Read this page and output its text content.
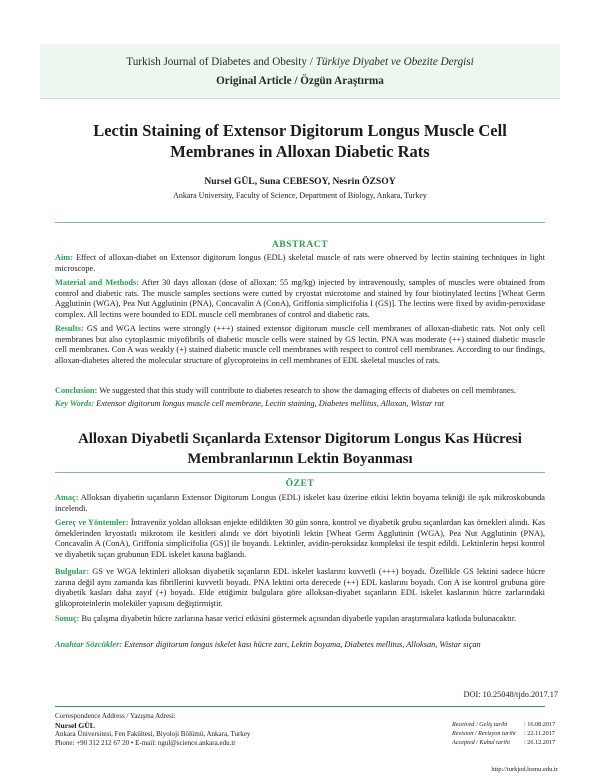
Turkish Journal of Diabetes and Obesity / Türkiye Diyabet ve Obezite Dergisi
Original Article / Özgün Araştırma
Lectin Staining of Extensor Digitorum Longus Muscle Cell
Membranes in Alloxan Diabetic Rats
Nursel GÜL, Suna CEBESOY, Nesrin ÖZSOY
Ankara University, Faculty of Science, Department of Biology, Ankara, Turkey
ABSTRACT

Aim: Effect of alloxan-diabet on Extensor digitorum longus (EDL) skeletal muscle of rats were observed by lectin staining techniques in light microscope.

Material and Methods: After 30 days alloxan (dose of alloxan: 55 mg/kg) injected by intravenously, samples of muscles were obtained from control and diabetic rats. The muscle samples sections were cutted by cryostat microtome and stained by four biotinylated lectins [Wheat Germ Agglutinin (WGA), Pea Nut Agglutinin (PNA), Concavalin A (ConA), Griffonia simplicifolia I (GS)]. The lectins were fixed by avidin-peroxidase complex. All lectins were bounded to EDL muscle cell membranes of control and diabetic rats.

Results: GS and WGA lectins were strongly (+++) stained extensor digitorum muscle cell membranes of alloxan-diabetic rats. Not only cell membranes but also cytoplasmic miyofibrils of diabetic muscle cells were stained by GS lectin. PNA was moderate (++) stained diabetic muscle cell membranes. Con A was weakly (+) stained diabetic muscle cell membranes with respect to control cell membranes. According to our findings, alloxan-diabetes altered the molecular structure of glycoproteins in cell membranes of EDL skeletal muscles of rats.

Conclusion: We suggested that this study will contribute to diabetes research to show the damaging effects of diabetes on cell membranes.

Key Words: Extensor digitorum longus muscle cell membrane, Lectin staining, Diabetes mellitus, Alloxan, Wistar rat

Alloxan Diyabetli Sıçanlarda Extensor Digitorum Longus Kas Hücresi
Membranlarının Lektin Boyanması
ÖZET

Amaç: Alloksan diyabetin sıçanların Extensor Digitorum Longus (EDL) iskelet kası üzerine etkisi lektin boyama tekniği ile ışık mikroskobunda incelendi.

Gereç ve Yöntemler: İntravenöz yoldan alloksan enjekte edildikten 30 gün sonra, kontrol ve diyabetik grubu sıçanlardan kas örnekleri alındı. Kas örneklerinden kryostatlı mikrotom ile kesitleri alındı ve dört biyotinli lektin [Wheat Germ Agglutinin (WGA), Pea Nut Agglutinin (PNA), Concavalin A (ConA), Griffonia simplicifolia (GS)] ile boyandı. Lektinler, avidin-peroksidaz kompleksi ile tespit edildi. Lektinlerin hepsi kontrol ve diyabetik sıçan grubunun EDL iskelet kasına bağlandı.

Bulgular: GS ve WGA lektinleri alloksan diyabetik sıçanların EDL iskelet kaslarını kuvvetli (+++) boyadı. Özellikle GS lektini sadece hücre zarına değil aynı zamanda kas fibrillerini kuvvetli boyadı. PNA lektini orta derecede (++) EDL kaslarını boyadı. Con A ise kontrol grubuna göre diyabetik kasları daha zayıf (+) boyadı. Elde ettiğimiz bulgulara göre alloksan-diyabet sıçanların EDL iskelet kaslarının hücre zarlarındaki glikoproteinlerin moleküler yapısını değiştirmiştir.

Sonuç: Bu çalışma diyabetin hücre zarlarına hasar verici etkisini göstermek açısından diyabetle yapılan araştırmalara katkıda bulunacaktır.

Anahtar Sözcükler: Extensor digitorum longus iskelet kası hücre zarı, Lektin boyama, Diabetes mellitus, Alloksan, Wistar sıçan

DOI: 10.25048/tjdo.2017.17
Correspondence Address / Yazışma Adresi:
Nursel GÜL
Ankara Üniversitesi, Fen Fakültesi, Biyoloji Bölümü, Ankara, Turkey
Phone: +90 312 212 67 20 • E-mail: ngul@science.ankara.edu.tr
Received / Geliş tarihi	: 16.08.2017
Revision / Revizyon tarihi	: 22.11.2017
Accepted / Kabul tarihi	: 26.12.2017
http://turkjod.bsmu.edu.tr
